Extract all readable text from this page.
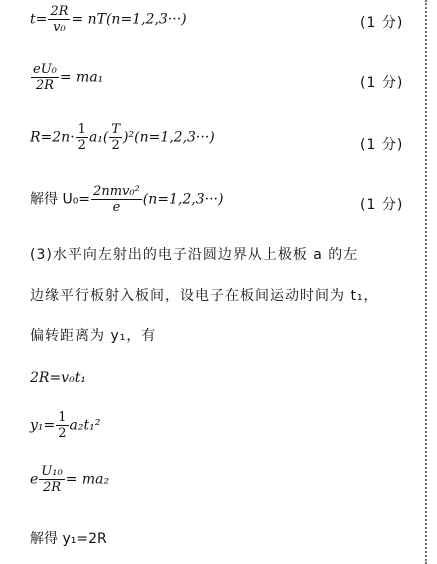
$t= \frac{2R}{\text{v₀}} = nT(n=1,2,3\cdot\cdot\cdot)$	(1 分)
$\frac{\text{eU₀}}{2R} = ma_1$	(1 分)
$R=2n\cdot \frac{1}{2} a_1( \frac{T}{2} )^2(n=1,2,3\cdot\cdot\cdot)$	(1 分)
解得 $U_0= \frac{\text{2nmv₀²}}{e} (n=1,2,3\cdot\cdot\cdot)$	(1 分)
(3)水平向左射出的电子沿圆边界从上极板 a 的左
边缘平行板射入板间，设电子在板间运动时间为 t₁，
偏转距离为 y₁，有
2R=v₀t₁
$y_1= \frac{1}{2} a_2t_1^2$
e $\frac{\text{U₁₀}}{2R} = ma_2$
解得 y₁=2R
